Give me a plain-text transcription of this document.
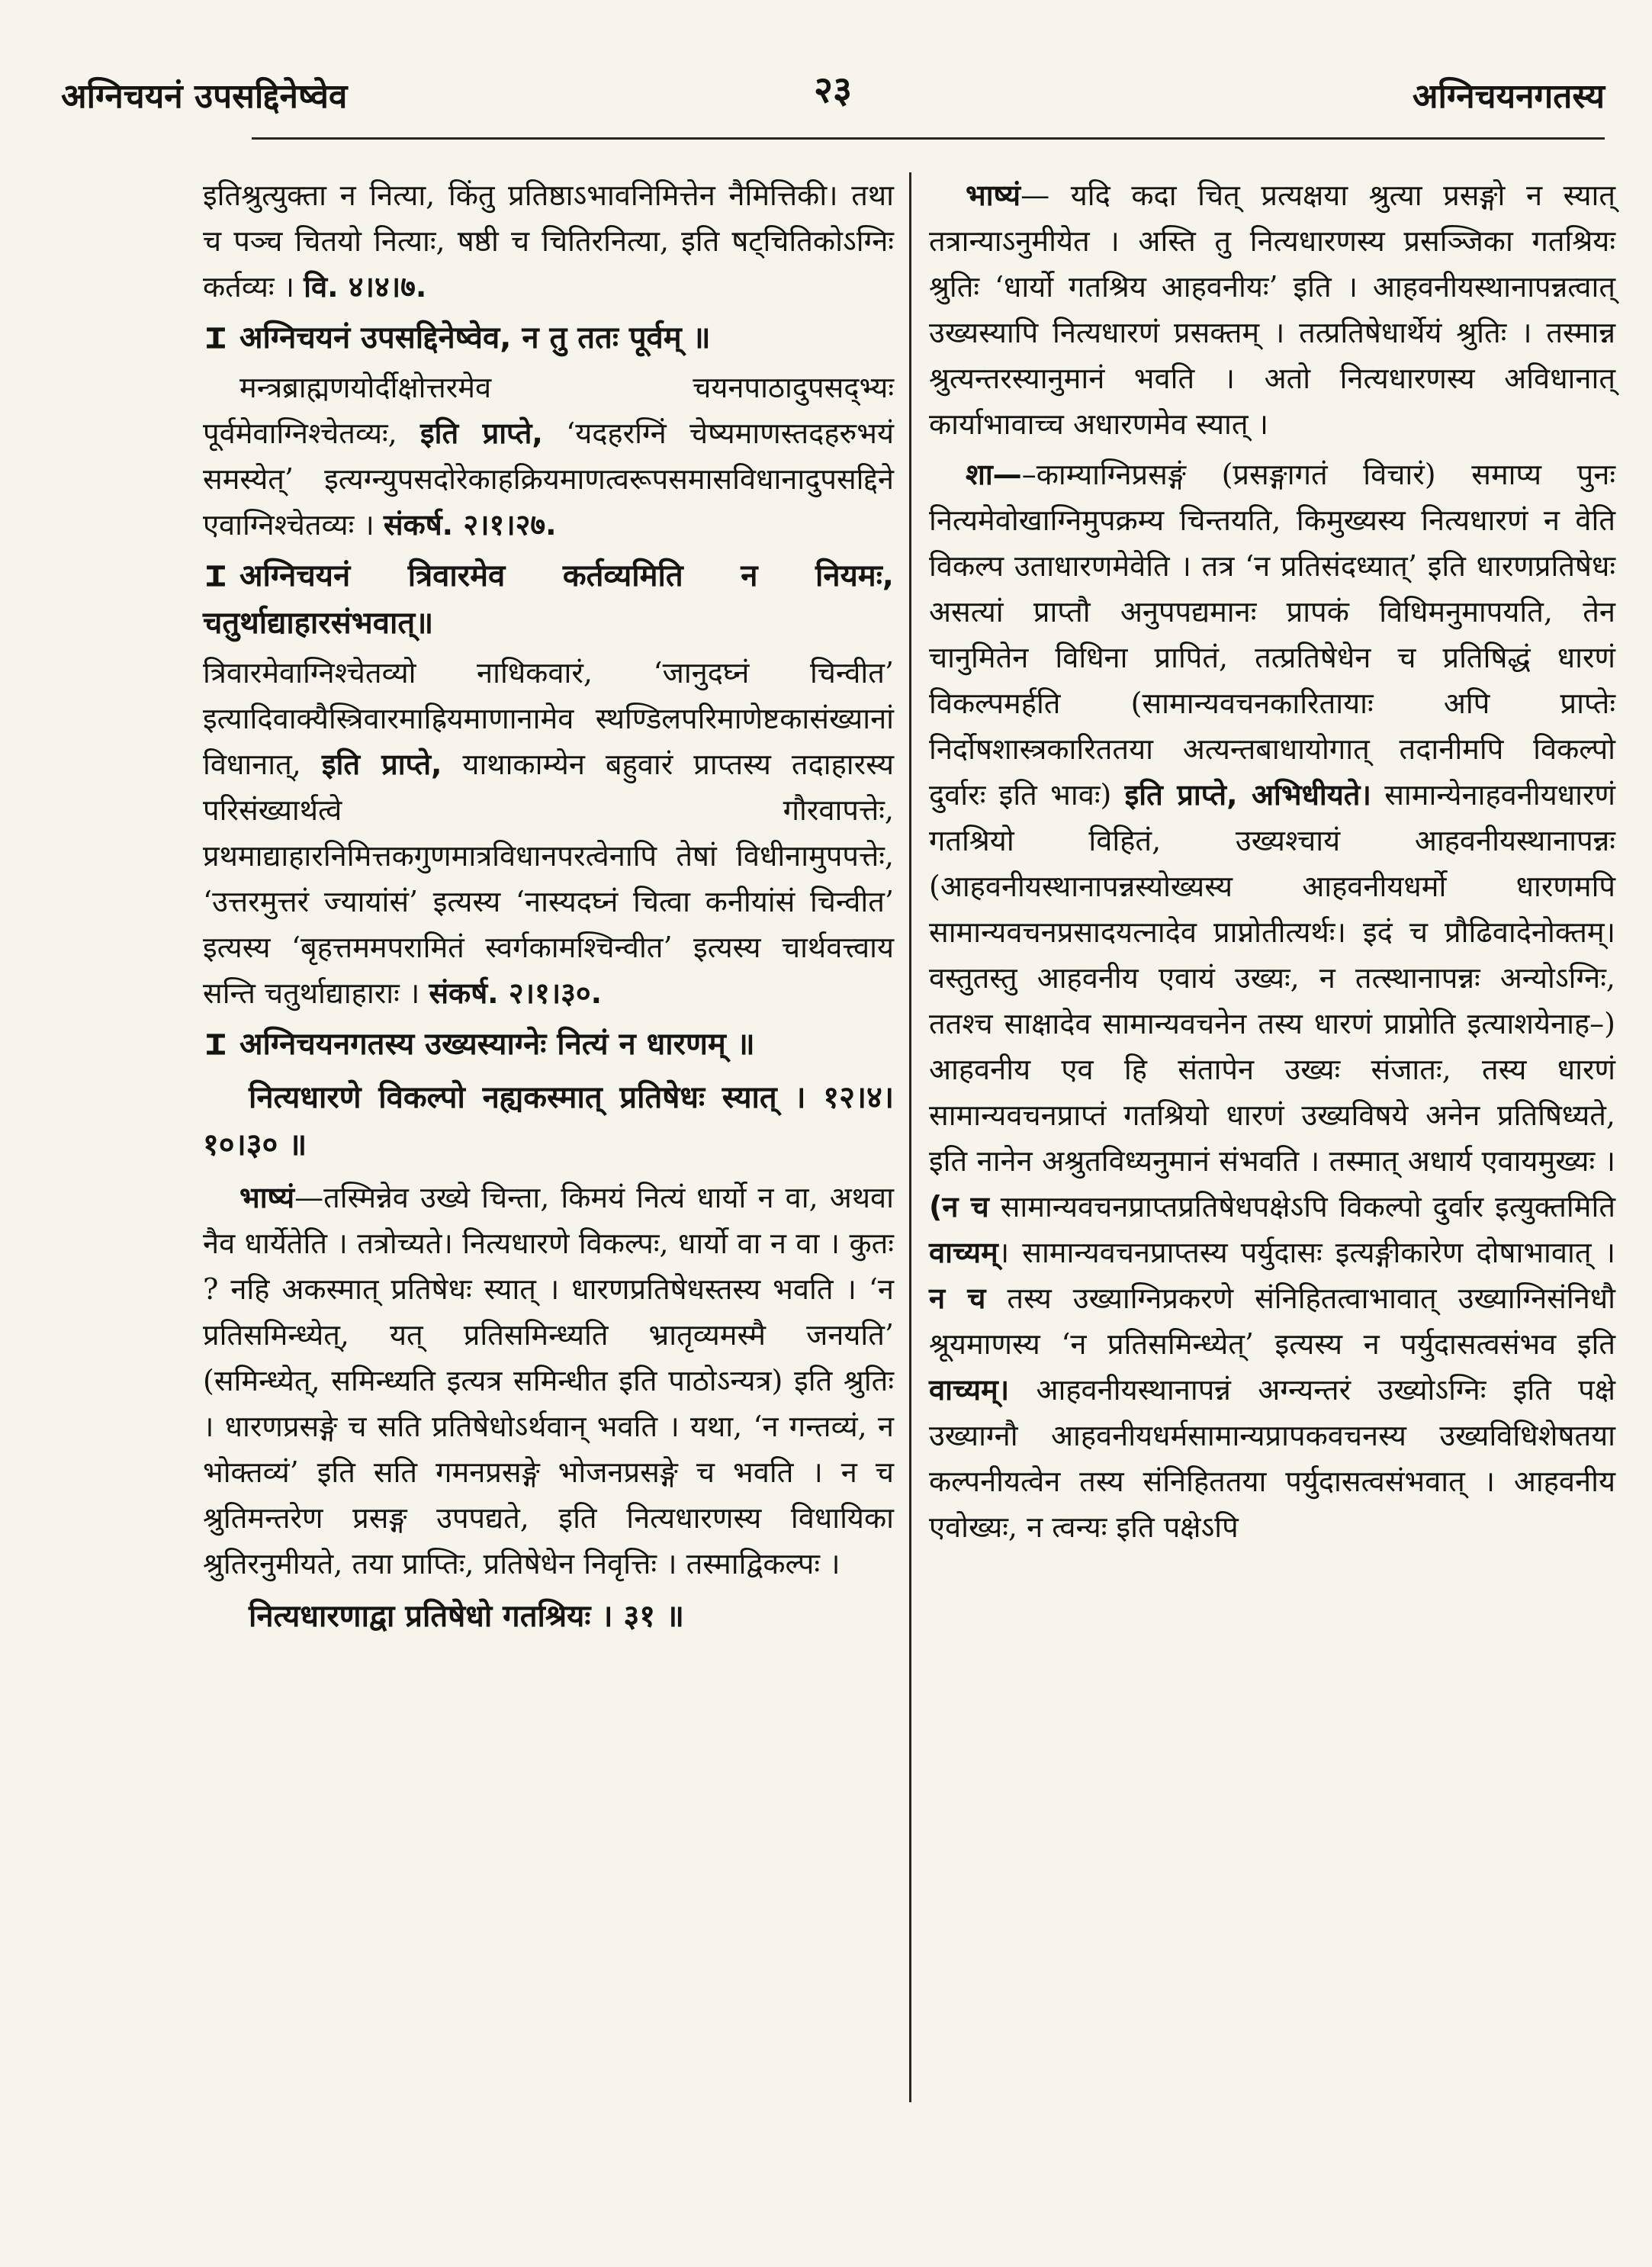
अग्निचयनं उपसद्दिनेष्वेव	२३	अग्निचयनगतस्य

इतिश्रुत्युक्ता न नित्या, किंतु प्रतिष्ठाऽभावनिमित्तेन नैमित्तिकी। तथा च पञ्च चितयो नित्याः, षष्ठी च चितिरनित्या, इति षट्चितिकोऽग्निः कर्तव्यः । वि. ४।४।७.

अग्निचयनं उपसद्दिनेष्वेव, न तु ततः पूर्वम् ॥

मन्त्रब्राह्मणयोर्दीक्षोत्तरमेव चयनपाठादुपसद्भ्यः पूर्वमेवाग्निश्चेतव्यः, इति प्राप्ते, ‘यदहरग्निं चेष्यमाणस्तदहरुभयं समस्येत्’ इत्यग्न्युपसदोरेकाहक्रियमाणत्वरूपसमासविधानादुपसद्दिने एवाग्निश्चेतव्यः । संकर्ष. २।१।२७.

अग्निचयनं त्रिवारमेव कर्तव्यमिति न नियमः, चतुर्थाद्याहारसंभवात्॥

त्रिवारमेवाग्निश्चेतव्यो नाधिकवारं, ‘जानुदघ्नं चिन्वीत’ इत्यादिवाक्यैस्त्रिवारमाह्रियमाणानामेव स्थण्डिलपरिमाणेष्टकासंख्यानां विधानात्, इति प्राप्ते, याथाकाम्येन बहुवारं प्राप्तस्य तदाहारस्य परिसंख्यार्थत्वे गौरवापत्तेः, प्रथमाद्याहारनिमित्तकगुणमात्रविधानपरत्वेनापि तेषां विधीनामुपपत्तेः, ‘उत्तरमुत्तरं ज्यायांसं’ इत्यस्य ‘नास्यदघ्नं चित्वा कनीयांसं चिन्वीत’ इत्यस्य ‘बृहत्तममपरामितं स्वर्गकामश्चिन्वीत’ इत्यस्य चार्थवत्त्वाय सन्ति चतुर्थाद्याहाराः । संकर्ष. २।१।३०.

अग्निचयनगतस्य उख्यस्याग्नेः नित्यं न धारणम् ॥
नित्यधारणे विकल्पो नह्यकस्मात् प्रतिषेधः स्यात् । १२।४।१०।३० ॥

भाष्यं—तस्मिन्नेव उख्ये चिन्ता, किमयं नित्यं धार्यो न वा, अथवा नैव धार्येतेति । तत्रोच्यते। नित्यधारणे विकल्पः, धार्यो वा न वा । कुतः ? नहि अकस्मात् प्रतिषेधः स्यात् । धारणप्रतिषेधस्तस्य भवति । ‘न प्रतिसमिन्ध्येत्, यत् प्रतिसमिन्ध्यति भ्रातृव्यमस्मै जनयति’ (समिन्ध्येत्, समिन्ध्यति इत्यत्र समिन्धीत इति पाठोऽन्यत्र) इति श्रुतिः । धारणप्रसङ्गे च सति प्रतिषेधोऽर्थवान् भवति । यथा, ‘न गन्तव्यं, न भोक्तव्यं’ इति सति गमनप्रसङ्गे भोजनप्रसङ्गे च भवति । न च श्रुतिमन्तरेण प्रसङ्ग उपपद्यते, इति नित्यधारणस्य विधायिका श्रुतिरनुमीयते, तया प्राप्तिः, प्रतिषेधेन निवृत्तिः । तस्माद्विकल्पः ।

नित्यधारणाद्वा प्रतिषेधो गतश्रियः । ३१ ॥

भाष्यं— यदि कदा चित् प्रत्यक्षया श्रुत्या प्रसङ्गो न स्यात् तत्रान्याऽनुमीयेत । अस्ति तु नित्यधारणस्य प्रसञ्जिका गतश्रियः श्रुतिः ‘धार्यो गतश्रिय आहवनीयः’ इति । आहवनीयस्थानापन्नत्वात् उख्यस्यापि नित्यधारणं प्रसक्तम् । तत्प्रतिषेधार्थेयं श्रुतिः । तस्मान्न श्रुत्यन्तरस्यानुमानं भवति । अतो नित्यधारणस्य अविधानात् कार्याभावाच्च अधारणमेव स्यात् ।

शा—–काम्याग्निप्रसङ्गं (प्रसङ्गागतं विचारं) समाप्य पुनः नित्यमेवोखाग्निमुपक्रम्य चिन्तयति, किमुख्यस्य नित्यधारणं न वेति विकल्प उताधारणमेवेति । तत्र ‘न प्रतिसंदध्यात्’ इति धारणप्रतिषेधः असत्यां प्राप्तौ अनुपपद्यमानः प्रापकं विधिमनुमापयति, तेन चानुमितेन विधिना प्रापितं, तत्प्रतिषेधेन च प्रतिषिद्धं धारणं विकल्पमर्हति (सामान्यवचनकारितायाः अपि प्राप्तेः निर्दोषशास्त्रकारिततया अत्यन्तबाधायोगात् तदानीमपि विकल्पो दुर्वारः इति भावः) इति प्राप्ते, अभिधीयते। सामान्येनाहवनीयधारणं गतश्रियो विहितं, उख्यश्चायं आहवनीयस्थानापन्नः (आहवनीयस्थानापन्नस्योख्यस्य आहवनीयधर्मो धारणमपि सामान्यवचनप्रसादयत्नादेव प्राप्नोतीत्यर्थः। इदं च प्रौढिवादेनोक्तम्। वस्तुतस्तु आहवनीय एवायं उख्यः, न तत्स्थानापन्नः अन्योऽग्निः, ततश्च साक्षादेव सामान्यवचनेन तस्य धारणं प्राप्नोति इत्याशयेनाह–) आहवनीय एव हि संतापेन उख्यः संजातः, तस्य धारणं सामान्यवचनप्राप्तं गतश्रियो धारणं उख्यविषये अनेन प्रतिषिध्यते, इति नानेन अश्रुतविध्यनुमानं संभवति । तस्मात् अधार्य एवायमुख्यः । (न च सामान्यवचनप्राप्तप्रतिषेधपक्षेऽपि विकल्पो दुर्वार इत्युक्तमिति वाच्यम्। सामान्यवचनप्राप्तस्य पर्युदासः इत्यङ्गीकारेण दोषाभावात् । न च तस्य उख्याग्निप्रकरणे संनिहितत्वाभावात् उख्याग्निसंनिधौ श्रूयमाणस्य ‘न प्रतिसमिन्ध्येत्’ इत्यस्य न पर्युदासत्वसंभव इति वाच्यम्। आहवनीयस्थानापन्नं अग्न्यन्तरं उख्योऽग्निः इति पक्षे उख्याग्नौ आहवनीयधर्मसामान्यप्रापकवचनस्य उख्यविधिशेषतया कल्पनीयत्वेन तस्य संनिहिततया पर्युदासत्वसंभवात् । आहवनीय एवोख्यः, न त्वन्यः इति पक्षेऽपि
